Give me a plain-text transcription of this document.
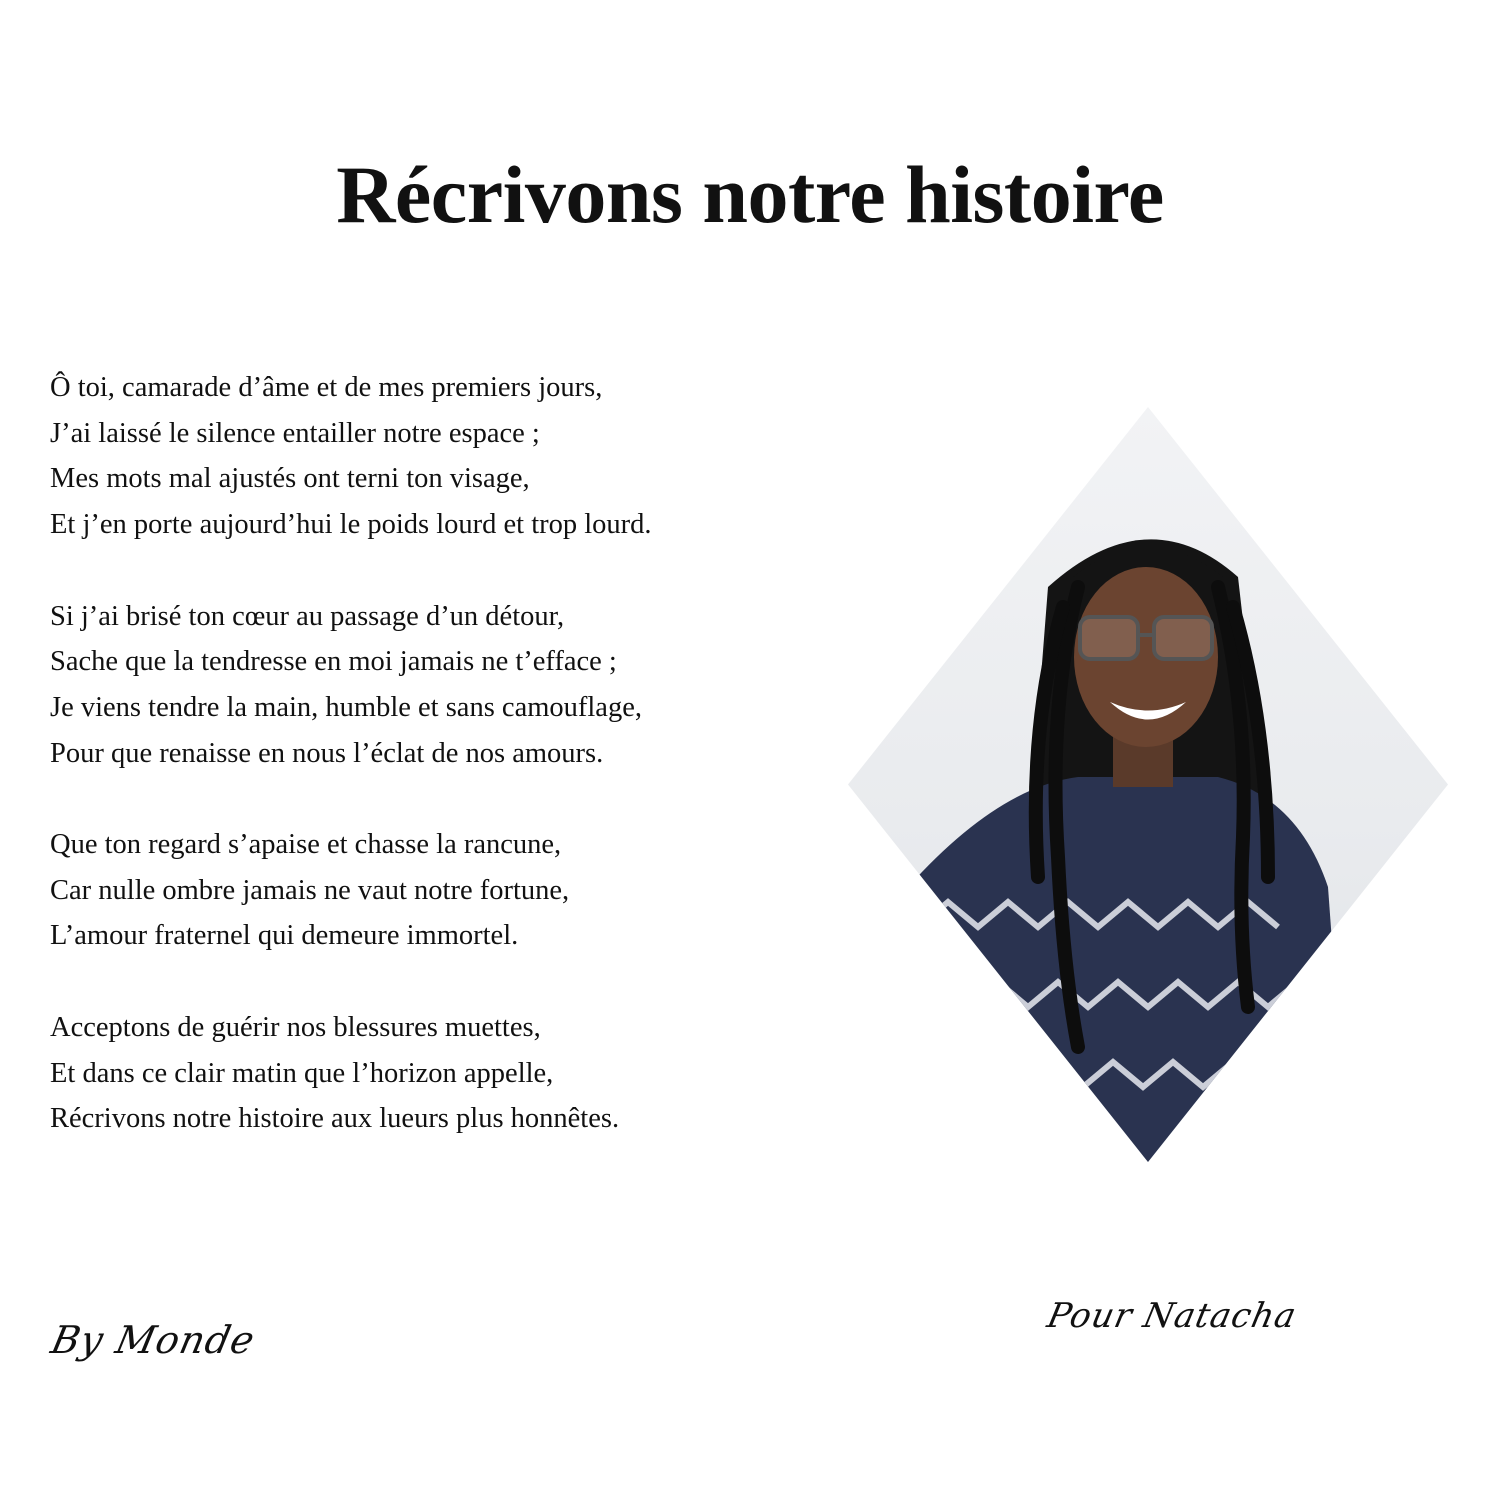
Récrivons notre histoire
Ô toi, camarade d’âme et de mes premiers jours,
J’ai laissé le silence entailler notre espace ;
Mes mots mal ajustés ont terni ton visage,
Et j’en porte aujourd’hui le poids lourd et trop lourd.
Si j’ai brisé ton cœur au passage d’un détour,
Sache que la tendresse en moi jamais ne t’efface ;
Je viens tendre la main, humble et sans camouflage,
Pour que renaisse en nous l’éclat de nos amours.
Que ton regard s’apaise et chasse la rancune,
Car nulle ombre jamais ne vaut notre fortune,
L’amour fraternel qui demeure immortel.
Acceptons de guérir nos blessures muettes,
Et dans ce clair matin que l’horizon appelle,
Récrivons notre histoire aux lueurs plus honnêtes.
By Monde
Pour Natacha
